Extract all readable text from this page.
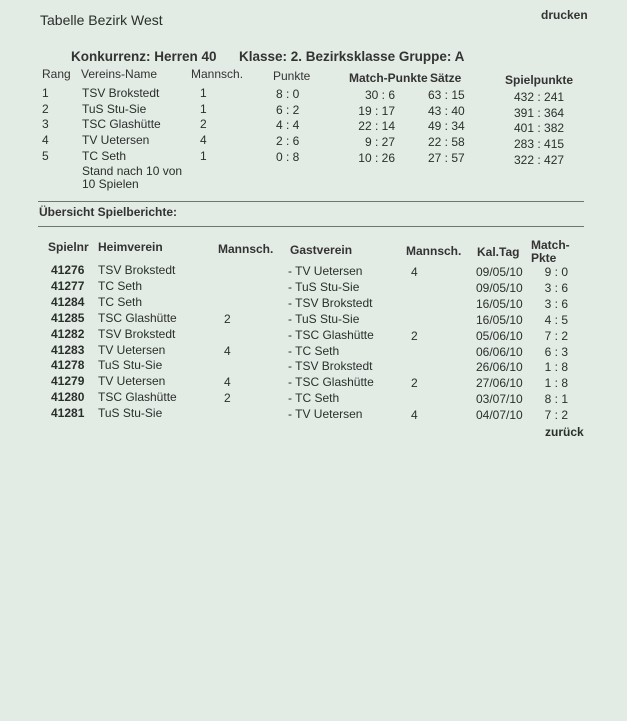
Tabelle Bezirk West	drucken
Konkurrenz: Herren 40 Klasse: 2. Bezirksklasse Gruppe: A
Rang Vereins-Name	Mannsch. Punkte	Match-Punkte Sätze	Spielpunkte
1	TSV Brokstedt	1	8 : 0	30 : 6	63 : 15	432 : 241
2	TuS Stu-Sie	1	6 : 2	19 : 17	43 : 40	391 : 364
3	TSC Glashütte	2	4 : 4	22 : 14	49 : 34	401 : 382
4	TV Uetersen	4	2 : 6	9 : 27	22 : 58	283 : 415
5	TC Seth	1	0 : 8	10 : 26	27 : 57	322 : 427
Stand nach 10 von
10 Spielen
Übersicht Spielberichte:
Spielnr Heimverein	Mannsch. Gastverein	Mannsch. Kal.Tag Match-
Pkte
41276 TSV Brokstedt	- TV Uetersen	4	09/05/10	9 : 0
41277 TC Seth	- TuS Stu-Sie	09/05/10	3 : 6
41284 TC Seth	- TSV Brokstedt	16/05/10	3 : 6
41285 TSC Glashütte	2	- TuS Stu-Sie	16/05/10	4 : 5
41282 TSV Brokstedt	- TSC Glashütte	2	05/06/10	7 : 2
41283 TV Uetersen	4	- TC Seth	06/06/10	6 : 3
41278 TuS Stu-Sie	- TSV Brokstedt	26/06/10	1 : 8
41279 TV Uetersen	4	- TSC Glashütte	2	27/06/10	1 : 8
41280 TSC Glashütte	2	- TC Seth	03/07/10	8 : 1
41281 TuS Stu-Sie	- TV Uetersen	4	04/07/10	7 : 2
zurück
